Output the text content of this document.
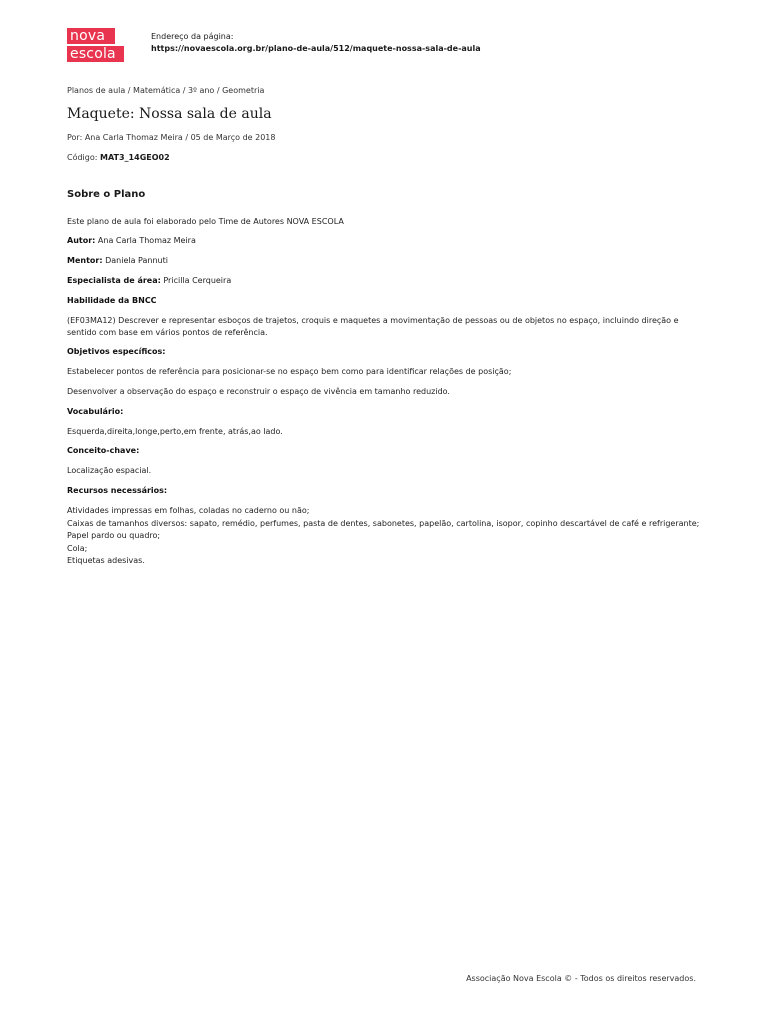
nova
escola
Endereço da página:
https://novaescola.org.br/plano-de-aula/512/maquete-nossa-sala-de-aula
Planos de aula / Matemática / 3º ano / Geometria
Maquete: Nossa sala de aula
Por: Ana Carla Thomaz Meira / 05 de Março de 2018
Código: MAT3_14GEO02
Sobre o Plano
Este plano de aula foi elaborado pelo Time de Autores NOVA ESCOLA
Autor: Ana Carla Thomaz Meira
Mentor: Daniela Pannuti
Especialista de área: Pricilla Cerqueira
Habilidade da BNCC
(EF03MA12) Descrever e representar esboços de trajetos, croquis e maquetes a movimentação de pessoas ou de objetos no espaço, incluindo direção e sentido com base em vários pontos de referência.
Objetivos específicos:
Estabelecer pontos de referência para posicionar-se no espaço bem como para identificar relações de posição;
Desenvolver a observação do espaço e reconstruir o espaço de vivência em tamanho reduzido.
Vocabulário:
Esquerda,direita,longe,perto,em frente, atrás,ao lado.
Conceito-chave:
Localização espacial.
Recursos necessários:
Atividades impressas em folhas, coladas no caderno ou não;
Caixas de tamanhos diversos: sapato, remédio, perfumes, pasta de dentes, sabonetes, papelão, cartolina, isopor, copinho descartável de café e refrigerante;
Papel pardo ou quadro;
Cola;
Etiquetas adesivas.
Associação Nova Escola © - Todos os direitos reservados.
